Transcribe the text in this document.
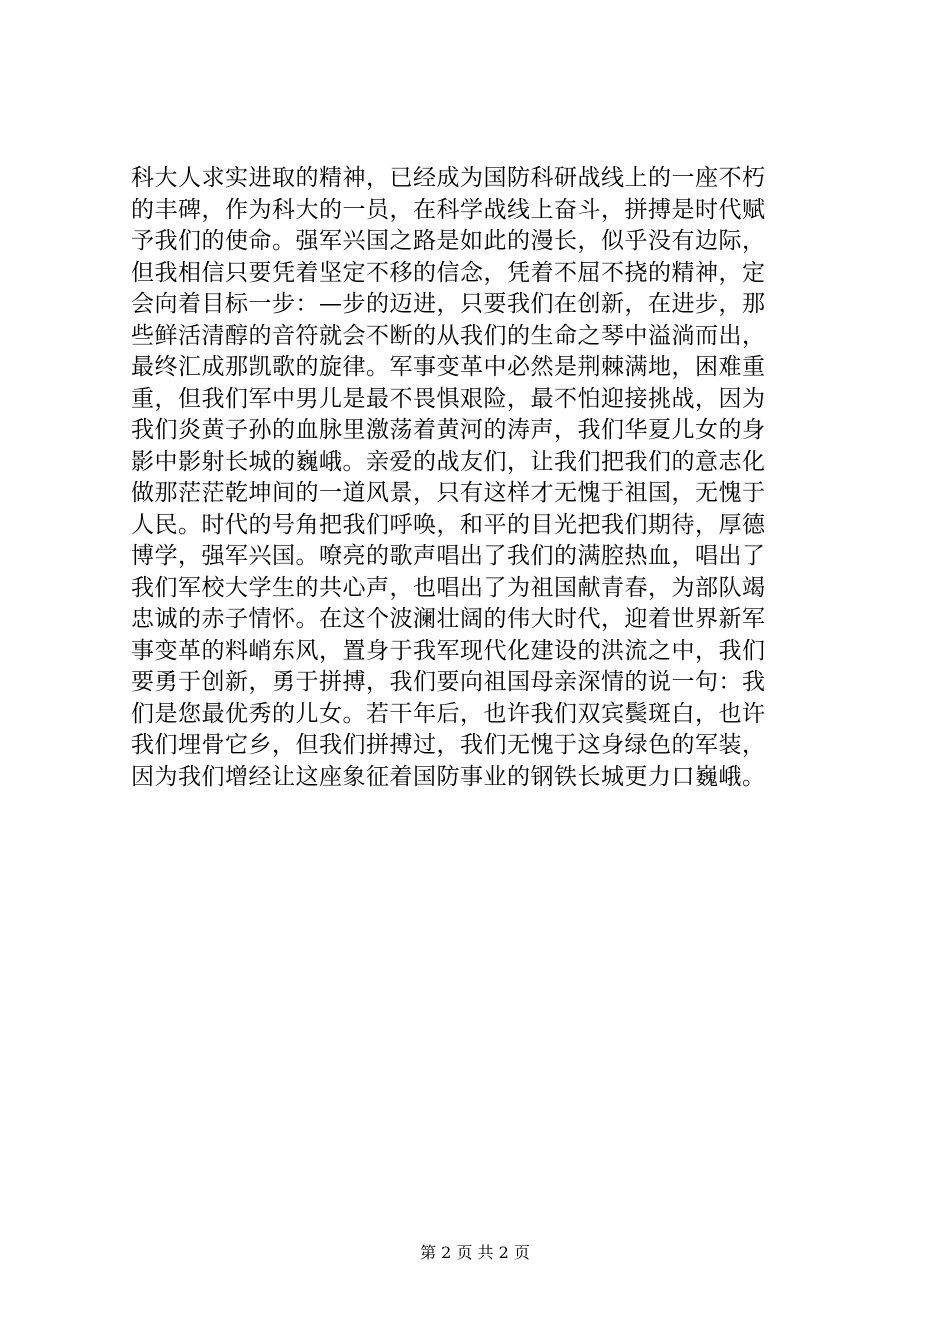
科大人求实进取的精神，已经成为国防科研战线上的一座不朽
的丰碑，作为科大的一员，在科学战线上奋斗，拼搏是时代赋
予我们的使命。强军兴国之路是如此的漫长，似乎没有边际，
但我相信只要凭着坚定不移的信念，凭着不屈不挠的精神，定
会向着目标一步：—步的迈进，只要我们在创新，在进步，那
些鲜活清醇的音符就会不断的从我们的生命之琴中溢淌而出，
最终汇成那凯歌的旋律。军事变革中必然是荆棘满地，困难重
重，但我们军中男儿是最不畏惧艰险，最不怕迎接挑战，因为
我们炎黄子孙的血脉里激荡着黄河的涛声，我们华夏儿女的身
影中影射长城的巍峨。亲爱的战友们，让我们把我们的意志化
做那茫茫乾坤间的一道风景，只有这样才无愧于祖国，无愧于
人民。时代的号角把我们呼唤，和平的目光把我们期待，厚德
博学，强军兴国。嘹亮的歌声唱出了我们的满腔热血，唱出了
我们军校大学生的共心声，也唱出了为祖国献青春，为部队竭
忠诚的赤子情怀。在这个波澜壮阔的伟大时代，迎着世界新军
事变革的料峭东风，置身于我军现代化建设的洪流之中，我们
要勇于创新，勇于拼搏，我们要向祖国母亲深情的说一句：我
们是您最优秀的儿女。若干年后，也许我们双宾鬓斑白，也许
我们埋骨它乡，但我们拼搏过，我们无愧于这身绿色的军装，
因为我们增经让这座象征着国防事业的钢铁长城更力口巍峨。
第 2 页 共 2 页
